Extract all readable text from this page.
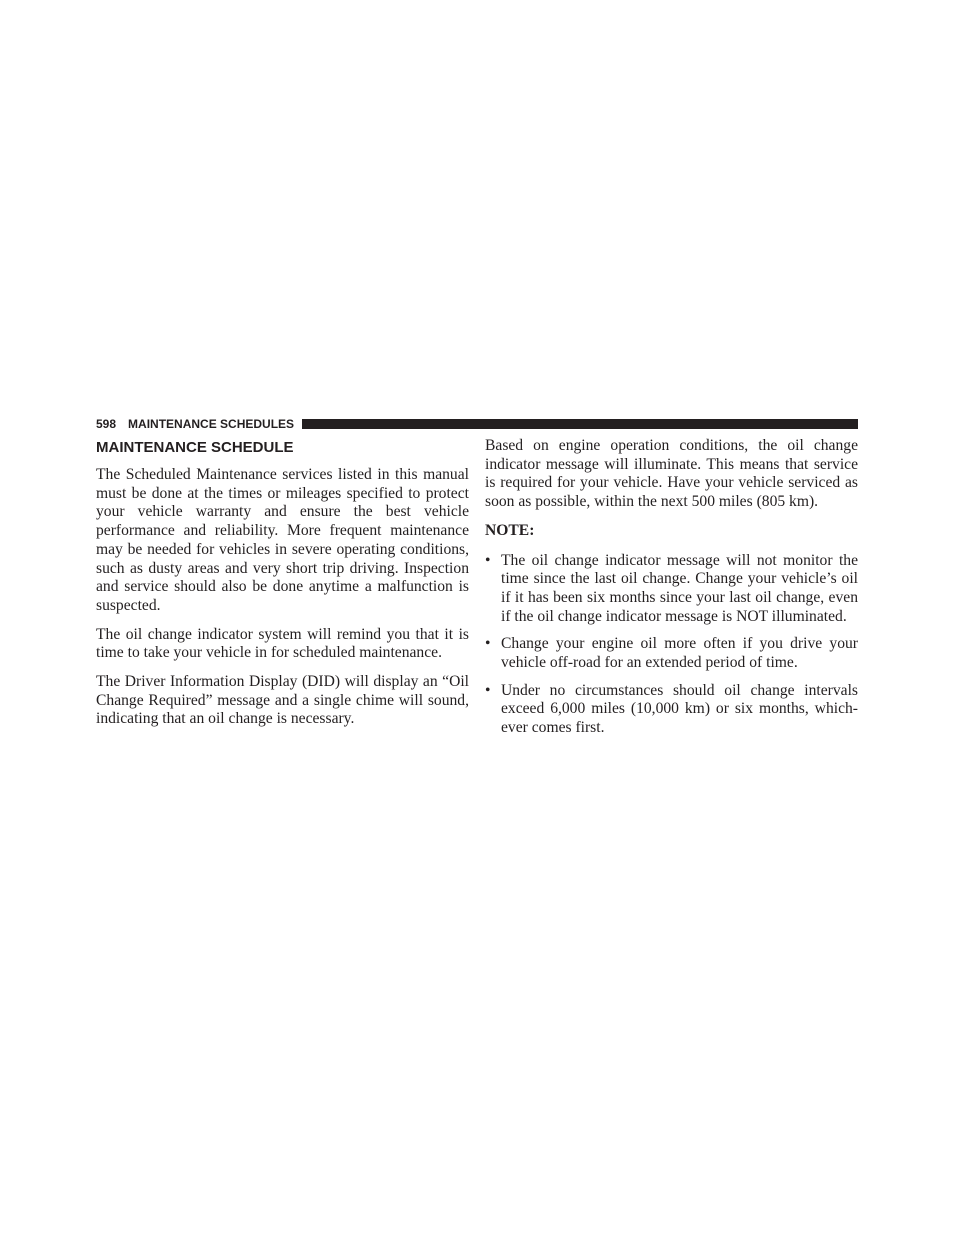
598 MAINTENANCE SCHEDULES
MAINTENANCE SCHEDULE

The Scheduled Maintenance services listed in this manual must be done at the times or mileages specified to protect your vehicle warranty and ensure the best vehicle performance and reliability. More frequent maintenance may be needed for vehicles in severe operating conditions, such as dusty areas and very short trip driving. Inspection and service should also be done anytime a malfunction is suspected.

The oil change indicator system will remind you that it is time to take your vehicle in for scheduled maintenance.

The Driver Information Display (DID) will display an “Oil Change Required” message and a single chime will sound, indicating that an oil change is necessary.

Based on engine operation conditions, the oil change indicator message will illuminate. This means that service is required for your vehicle. Have your vehicle serviced as soon as possible, within the next 500 miles (805 km).

NOTE:
• The oil change indicator message will not monitor the time since the last oil change. Change your vehicle’s oil if it has been six months since your last oil change, even if the oil change indicator message is NOT illuminated.
• Change your engine oil more often if you drive your vehicle off-road for an extended period of time.
• Under no circumstances should oil change intervals exceed 6,000 miles (10,000 km) or six months, whichever comes first.
